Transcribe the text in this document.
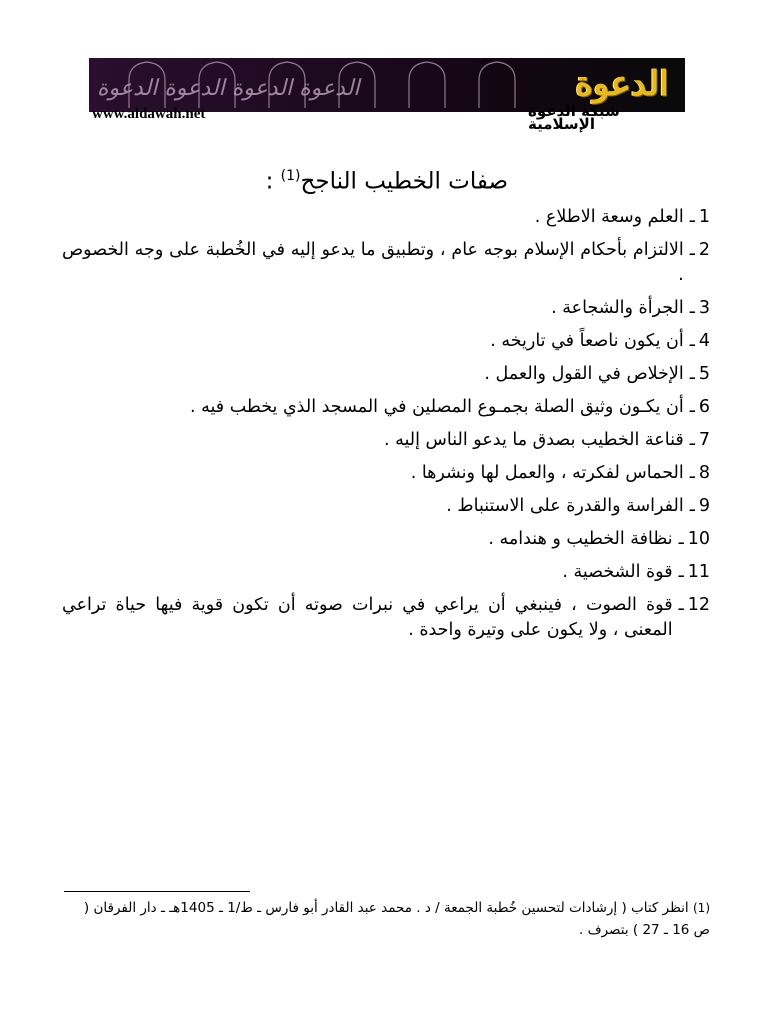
الدعوة الدعوة الدعوة الدعوة	الدعوة
www.aldawah.net	شبكة الدعوة الإسلامية
صفات الخطيب الناجح$^{(1)}$ :
1
ـ
العلم وسعة الاطلاع .
2
ـ
الالتزام بأحكام الإسلام بوجه عام ، وتطبيق ما يدعو إليه في الخُطبة على وجه الخصوص .
3
ـ
الجرأة والشجاعة .
4
ـ
أن يكون ناصعاً في تاريخه .
5
ـ
الإخلاص في القول والعمل .
6
ـ
أن يكـون وثيق الصلة بجمـوع المصلين في المسجد الذي يخطب فيه .
7
ـ
قناعة الخطيب بصدق ما يدعو الناس إليه .
8
ـ
الحماس لفكرته ، والعمل لها ونشرها .
9
ـ
الفراسة والقدرة على الاستنباط .
10
ـ
نظافة الخطيب و هندامه .
11
ـ
قوة الشخصية .
12
ـ
قوة الصوت ، فينبغي أن يراعي في نبرات صوته أن تكون قوية فيها حياة تراعي المعنى ، ولا يكون على وتيرة واحدة .
(1) انظر كتاب ( إرشادات لتحسين خُطبة الجمعة / د . محمد عبد القادر أبو فارس ـ ط/1 ـ 1405هـ ـ دار الفرقان ( ص 16 ـ 27 ) بتصرف .
